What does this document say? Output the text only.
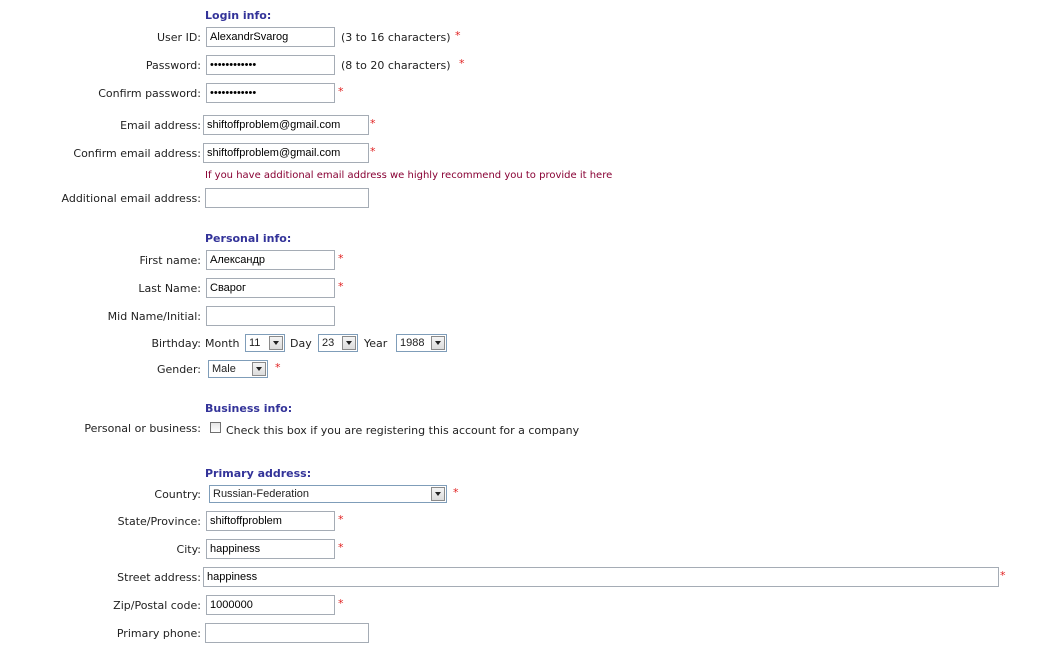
Login info:
User ID:
AlexandrSvarog	(3 to 16 characters) *
Password:
••••••••••••	(8 to 20 characters) *
Confirm password:
••••••••••••	*
Email address:
shiftoffproblem@gmail.com	*
Confirm email address:
shiftoffproblem@gmail.com	*
If you have additional email address we highly recommend you to provide it here
Additional email address:
Personal info:
First name:
Александр	*
Last Name:
Сварог	*
Mid Name/Initial:
Birthday: Month 11	Day 23	Year 1988
Gender: Male	*
Business info:
Personal or business: Check this box if you are registering this account for a company
Primary address:
Country: Russian-Federation	*
State/Province:
shiftoffproblem	*
City:
happiness	*
Street address:
happiness	*
Zip/Postal code:
1000000	*
Primary phone:
